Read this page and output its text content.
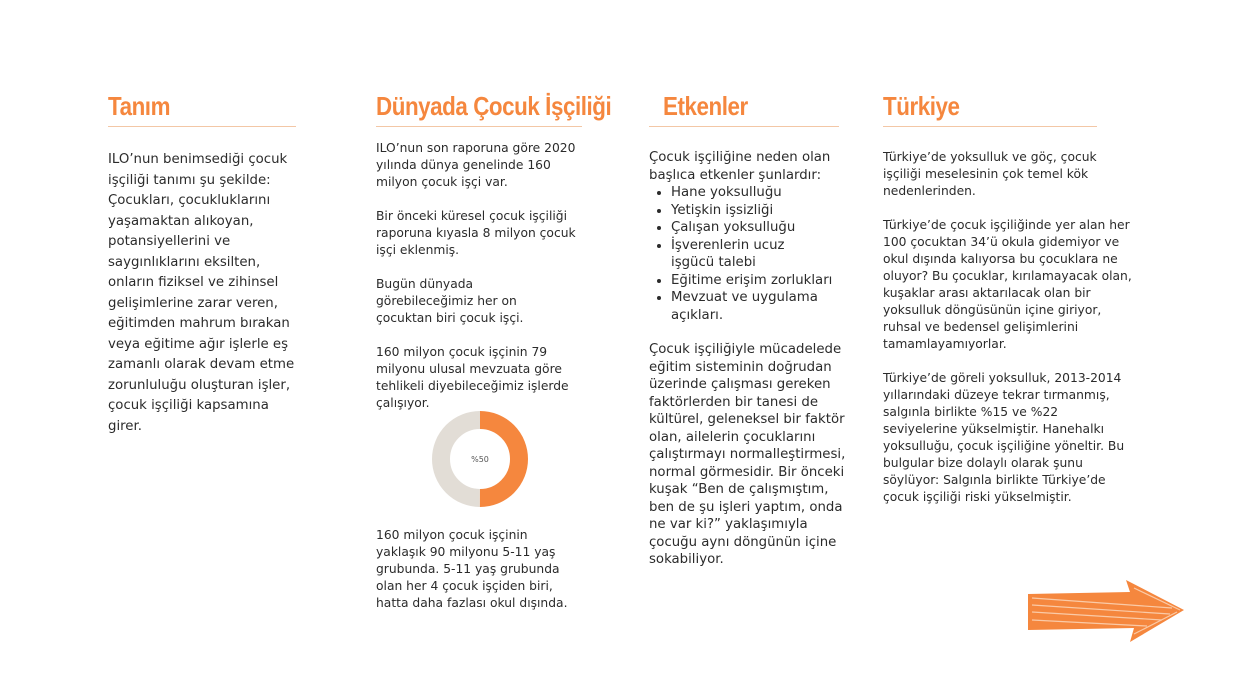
Tanım

ILO’nun benimsediği çocuk işçiliği tanımı şu şekilde: Çocukları, çocukluklarını yaşamaktan alıkoyan, potansiyellerini ve saygınlıklarını eksilten, onların fiziksel ve zihinsel gelişimlerine zarar veren, eğitimden mahrum bırakan veya eğitime ağır işlerle eş zamanlı olarak devam etme zorunluluğu oluşturan işler, çocuk işçiliği kapsamına girer.

Dünyada Çocuk İşçiliği

ILO’nun son raporuna göre 2020 yılında dünya genelinde 160 milyon çocuk işçi var.

Bir önceki küresel çocuk işçiliği raporuna kıyasla 8 milyon çocuk işçi eklenmiş.

Bugün dünyada görebileceğimiz her on çocuktan biri çocuk işçi.

160 milyon çocuk işçinin 79 milyonu ulusal mevzuata göre tehlikeli diyebileceğimiz işlerde çalışıyor.

%50

160 milyon çocuk işçinin yaklaşık 90 milyonu 5-11 yaş grubunda. 5-11 yaş grubunda olan her 4 çocuk işçiden biri, hatta daha fazlası okul dışında.

Etkenler

Çocuk işçiliğine neden olan başlıca etkenler şunlardır:

• Hane yoksulluğu
• Yetişkin işsizliği
• Çalışan yoksulluğu
• İşverenlerin ucuz işgücü talebi
• Eğitime erişim zorlukları
• Mevzuat ve uygulama açıkları.

Çocuk işçiliğiyle mücadelede eğitim sisteminin doğrudan üzerinde çalışması gereken faktörlerden bir tanesi de kültürel, geleneksel bir faktör olan, ailelerin çocuklarını çalıştırmayı normalleştirmesi, normal görmesidir. Bir önceki kuşak “Ben de çalışmıştım, ben de şu işleri yaptım, onda ne var ki?” yaklaşımıyla çocuğu aynı döngünün içine sokabiliyor.

Türkiye

Türkiye’de yoksulluk ve göç, çocuk işçiliği meselesinin çok temel kök nedenlerinden.

Türkiye’de çocuk işçiliğinde yer alan her 100 çocuktan 34’ü okula gidemiyor ve okul dışında kalıyorsa bu çocuklara ne oluyor? Bu çocuklar, kırılamayacak olan, kuşaklar arası aktarılacak olan bir yoksulluk döngüsünün içine giriyor, ruhsal ve bedensel gelişimlerini tamamlayamıyorlar.

Türkiye’de göreli yoksulluk, 2013-2014 yıllarındaki düzeye tekrar tırmanmış, salgınla birlikte %15 ve %22 seviyelerine yükselmiştir. Hanehalkı yoksulluğu, çocuk işçiliğine yöneltir. Bu bulgular bize dolaylı olarak şunu söylüyor: Salgınla birlikte Türkiye’de çocuk işçiliği riski yükselmiştir.
